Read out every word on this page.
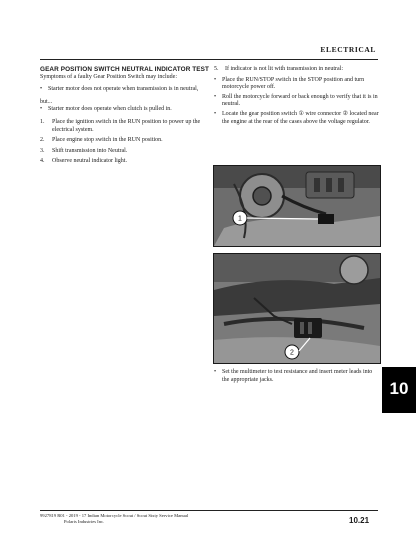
ELECTRICAL

GEAR POSITION SWITCH NEUTRAL INDICATOR TEST

Symptoms of a faulty Gear Position Switch may include:

• Starter motor does not operate when transmission is in neutral,

but...

• Starter motor does operate when clutch is pulled in.

1. Place the ignition switch in the RUN position to power up the electrical system.
2. Place engine stop switch in the RUN position.
3. Shift transmission into Neutral.
4. Observe neutral indicator light.
5. If indicator is not lit with transmission in neutral:

• Place the RUN/STOP switch in the STOP position and turn motorcycle power off.

• Roll the motorcycle forward or back enough to verify that it is in neutral.

• Locate the gear position switch ① wire connector ② located near the engine at the rear of the cases above the voltage regulator.

1
2

• Set the multimeter to test resistance and insert meter leads into the appropriate jacks.	10
9927819 R01 - 2019 - 17 Indian Motorcycle Scout / Scout Sixty Service Manual
Polaris Industries Inc.	10.21
